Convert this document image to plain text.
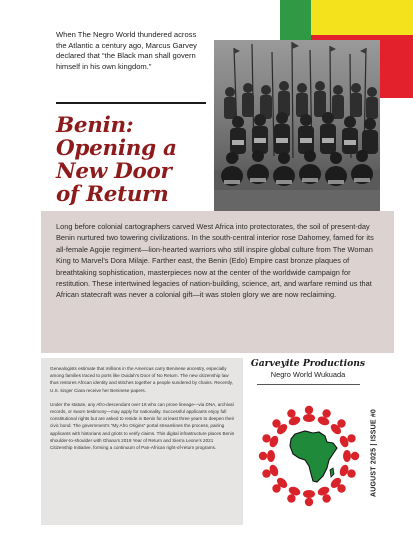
When The Negro World thundered across the Atlantic a century ago, Marcus Garvey declared that “the Black man shall govern himself in his own kingdom.”

Benin:
Opening a
New Door
of Return

Long before colonial cartographers carved West Africa into protectorates, the soil of present-day Benin nurtured two towering civilizations. In the south-central interior rose Dahomey, famed for its all-female Agojie regiment—lion-hearted warriors who still inspire global culture from The Woman King to Marvel’s Dora Milaje. Farther east, the Benin (Edo) Empire cast bronze plaques of breathtaking sophistication, masterpieces now at the center of the worldwide campaign for restitution. These intertwined legacies of nation-building, science, art, and warfare remind us that African statecraft was never a colonial gift—it was stolen glory we are now reclaiming.

Genealogists estimate that millions in the Americas carry Beninese ancestry, especially among families traced to ports like Ouidah’s Door of No Return. The new citizenship law thus restores African identity and stitches together a people sundered by chains. Recently, U.S. singer Ciara receive her Beninese papers.

Under the statute, any Afro-descendant over 18 who can prove lineage—via DNA, archival records, or sworn testimony—may apply for nationality. Successful applicants enjoy full constitutional rights but are asked to reside in Benin for at least three years to deepen their civic bond. The government’s “My Afro Origins” portal streamlines the process, pairing applicants with historians and griots to verify claims. This digital infrastructure places Benin shoulder-to-shoulder with Ghana’s 2019 Year of Return and Sierra Leone’s 2021 Citizenship Initiative, forming a continuum of Pan-African right-of-return programs.

Garveyite Productions
Negro World Wukuada
AUGUST 2025 | ISSUE #0
